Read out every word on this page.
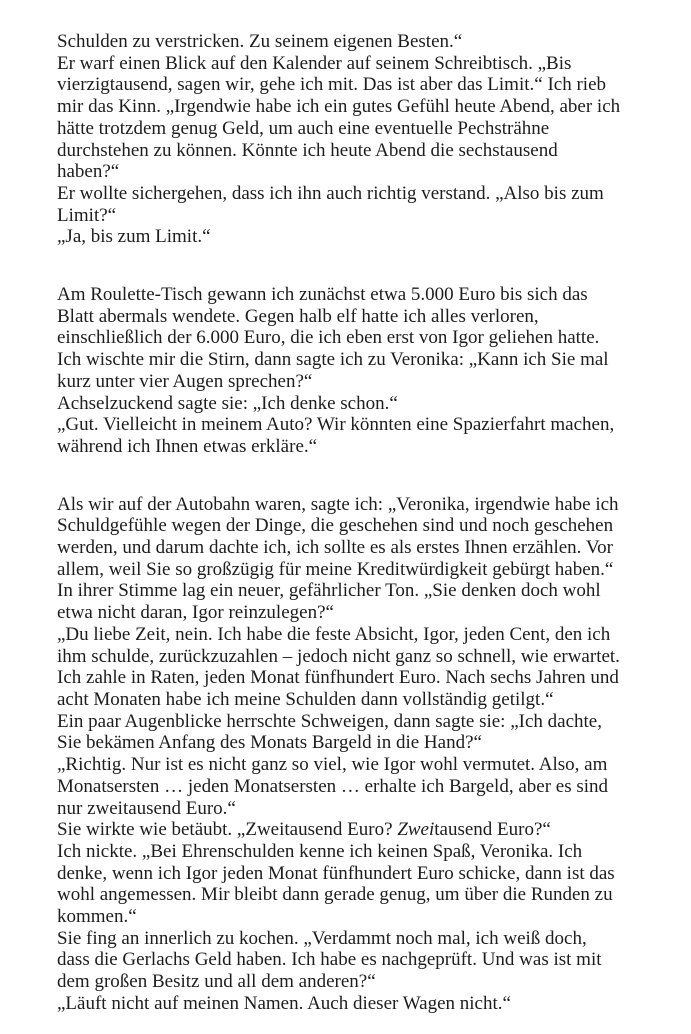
Schulden zu verstricken. Zu seinem eigenen Besten.“
Er warf einen Blick auf den Kalender auf seinem Schreibtisch. „Bis
vierzigtausend, sagen wir, gehe ich mit. Das ist aber das Limit.“ Ich rieb
mir das Kinn. „Irgendwie habe ich ein gutes Gefühl heute Abend, aber ich
hätte trotzdem genug Geld, um auch eine eventuelle Pechsträhne
durchstehen zu können. Könnte ich heute Abend die sechstausend
haben?“
Er wollte sichergehen, dass ich ihn auch richtig verstand. „Also bis zum
Limit?“
„Ja, bis zum Limit.“
Am Roulette-Tisch gewann ich zunächst etwa 5.000 Euro bis sich das
Blatt abermals wendete. Gegen halb elf hatte ich alles verloren,
einschließlich der 6.000 Euro, die ich eben erst von Igor geliehen hatte.
Ich wischte mir die Stirn, dann sagte ich zu Veronika: „Kann ich Sie mal
kurz unter vier Augen sprechen?“
Achselzuckend sagte sie: „Ich denke schon.“
„Gut. Vielleicht in meinem Auto? Wir könnten eine Spazierfahrt machen,
während ich Ihnen etwas erkläre.“
Als wir auf der Autobahn waren, sagte ich: „Veronika, irgendwie habe ich
Schuldgefühle wegen der Dinge, die geschehen sind und noch geschehen
werden, und darum dachte ich, ich sollte es als erstes Ihnen erzählen. Vor
allem, weil Sie so großzügig für meine Kreditwürdigkeit gebürgt haben.“
In ihrer Stimme lag ein neuer, gefährlicher Ton. „Sie denken doch wohl
etwa nicht daran, Igor reinzulegen?“
„Du liebe Zeit, nein. Ich habe die feste Absicht, Igor, jeden Cent, den ich
ihm schulde, zurückzuzahlen – jedoch nicht ganz so schnell, wie erwartet.
Ich zahle in Raten, jeden Monat fünfhundert Euro. Nach sechs Jahren und
acht Monaten habe ich meine Schulden dann vollständig getilgt.“
Ein paar Augenblicke herrschte Schweigen, dann sagte sie: „Ich dachte,
Sie bekämen Anfang des Monats Bargeld in die Hand?“
„Richtig. Nur ist es nicht ganz so viel, wie Igor wohl vermutet. Also, am
Monatsersten … jeden Monatsersten … erhalte ich Bargeld, aber es sind
nur zweitausend Euro.“
Sie wirkte wie betäubt. „Zweitausend Euro? Zweitausend Euro?“
Ich nickte. „Bei Ehrenschulden kenne ich keinen Spaß, Veronika. Ich
denke, wenn ich Igor jeden Monat fünfhundert Euro schicke, dann ist das
wohl angemessen. Mir bleibt dann gerade genug, um über die Runden zu
kommen.“
Sie fing an innerlich zu kochen. „Verdammt noch mal, ich weiß doch,
dass die Gerlachs Geld haben. Ich habe es nachgeprüft. Und was ist mit
dem großen Besitz und all dem anderen?“
„Läuft nicht auf meinen Namen. Auch dieser Wagen nicht.“
